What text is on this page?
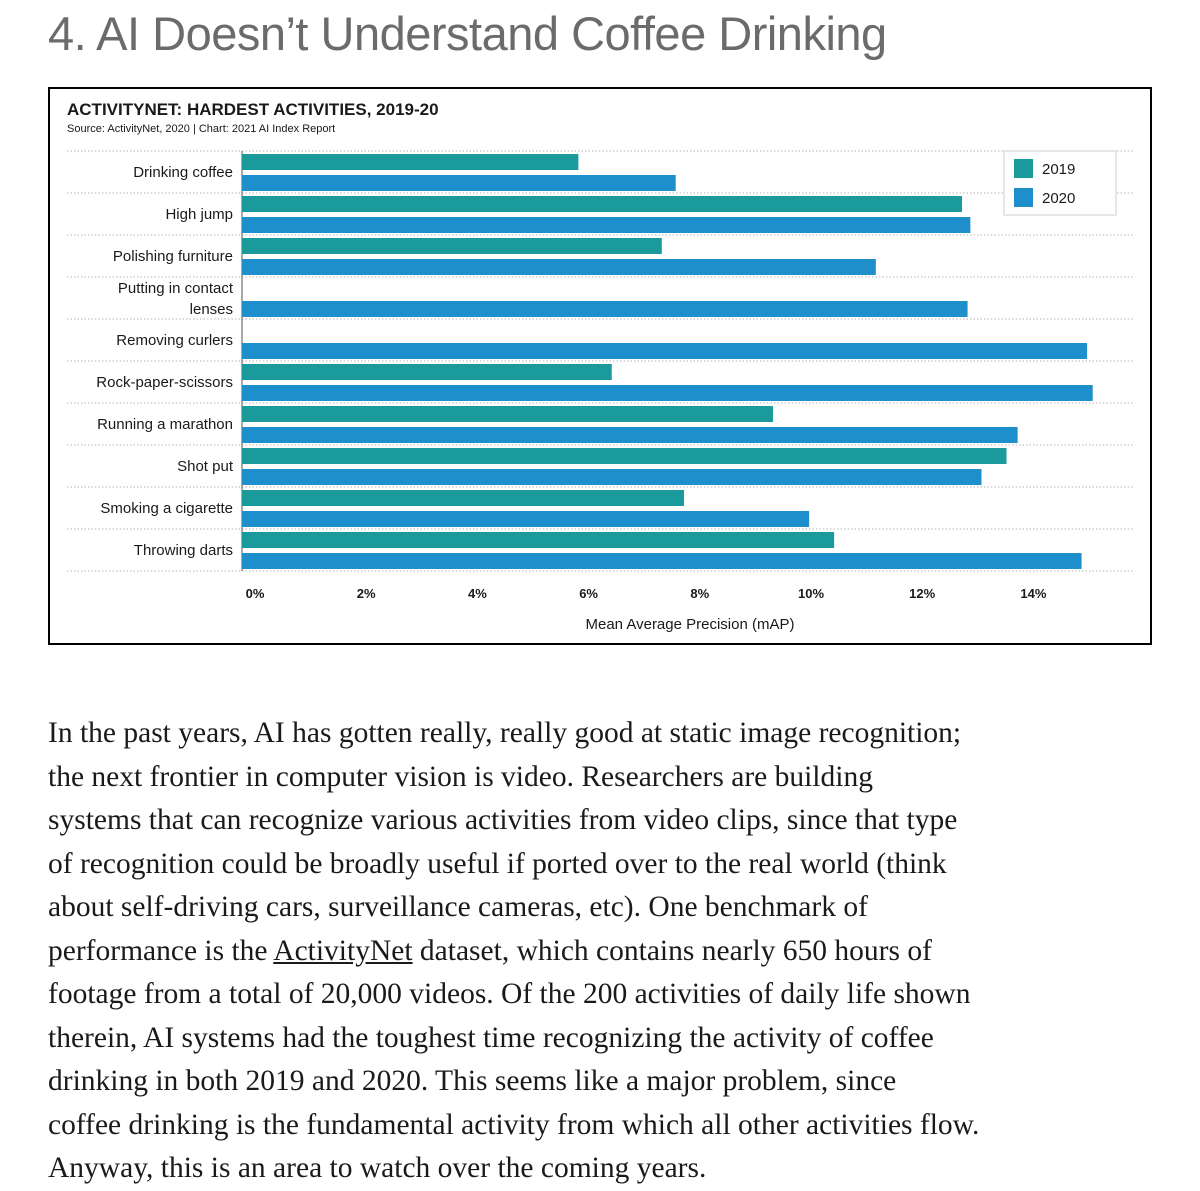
4. AI Doesn’t Understand Coffee Drinking
ACTIVITYNET: HARDEST ACTIVITIES, 2019-20
Source: ActivityNet, 2020 | Chart: 2021 AI Index Report
Drinking coffee
High jump
Polishing furniture
Putting in contact
lenses
Removing curlers
Rock-paper-scissors
Running a marathon
Shot put
Smoking a cigarette
Throwing darts
0%	2%	4%	6%	8%	10%	12%	14%
Mean Average Precision (mAP)
2019
2020
In the past years, AI has gotten really, really good at static image recognition;
the next frontier in computer vision is video. Researchers are building
systems that can recognize various activities from video clips, since that type
of recognition could be broadly useful if ported over to the real world (think
about self-driving cars, surveillance cameras, etc). One benchmark of
performance is the ActivityNet dataset, which contains nearly 650 hours of
footage from a total of 20,000 videos. Of the 200 activities of daily life shown
therein, AI systems had the toughest time recognizing the activity of coffee
drinking in both 2019 and 2020. This seems like a major problem, since
coffee drinking is the fundamental activity from which all other activities flow.
Anyway, this is an area to watch over the coming years.
